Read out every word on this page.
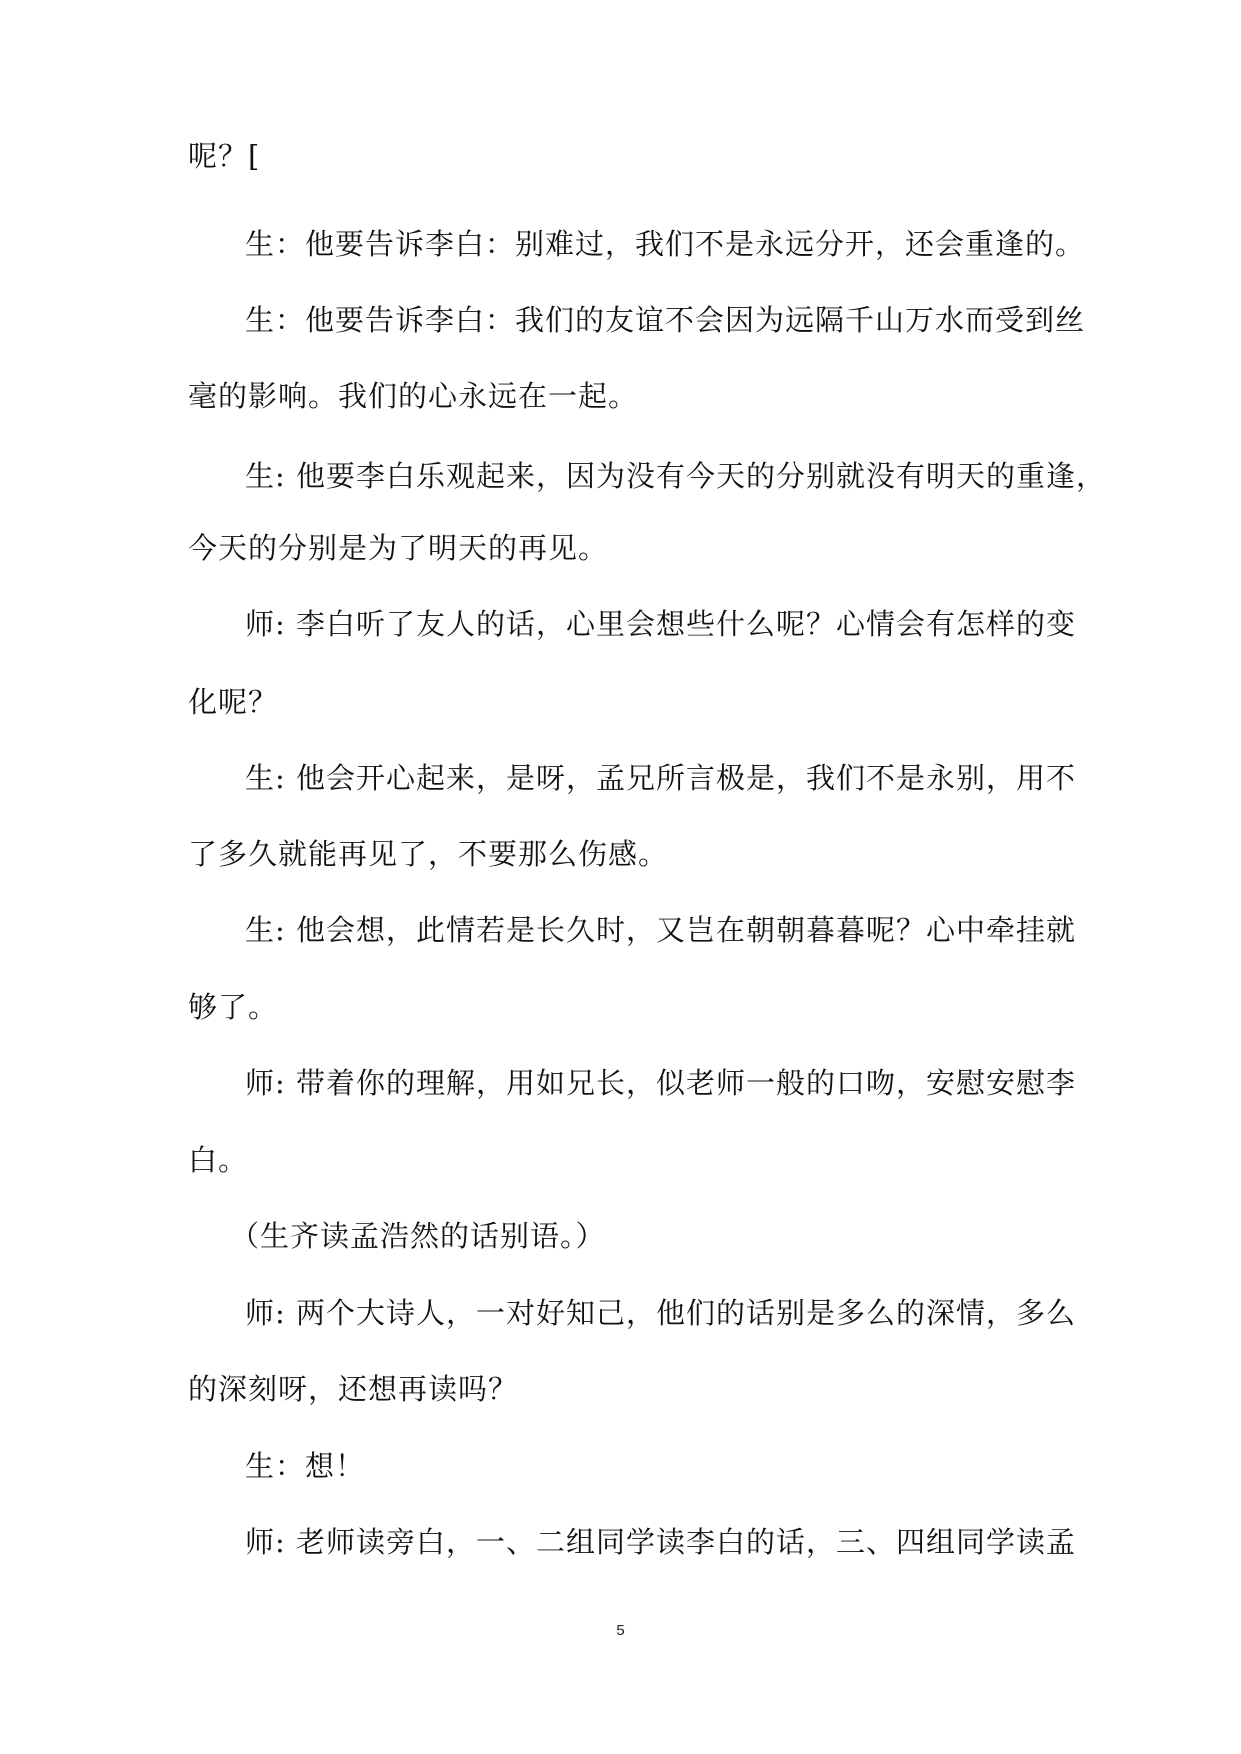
呢？[
生：他要告诉李白：别难过，我们不是永远分开，还会重逢的。
生：他要告诉李白：我们的友谊不会因为远隔千山万水而受到丝
毫的影响。我们的心永远在一起。
生: 他要李白乐观起来，因为没有今天的分别就没有明天的重逢，
今天的分别是为了明天的再见。
师: 李白听了友人的话，心里会想些什么呢？心情会有怎样的变
化呢？
生: 他会开心起来，是呀，孟兄所言极是，我们不是永别，用不
了多久就能再见了，不要那么伤感。
生: 他会想，此情若是长久时，又岂在朝朝暮暮呢？心中牵挂就
够了。
师: 带着你的理解，用如兄长，似老师一般的口吻，安慰安慰李
白。
（生齐读孟浩然的话别语。）
师: 两个大诗人，一对好知己，他们的话别是多么的深情，多么
的深刻呀，还想再读吗？
生：想！
师: 老师读旁白，一、二组同学读李白的话，三、四组同学读孟
5
